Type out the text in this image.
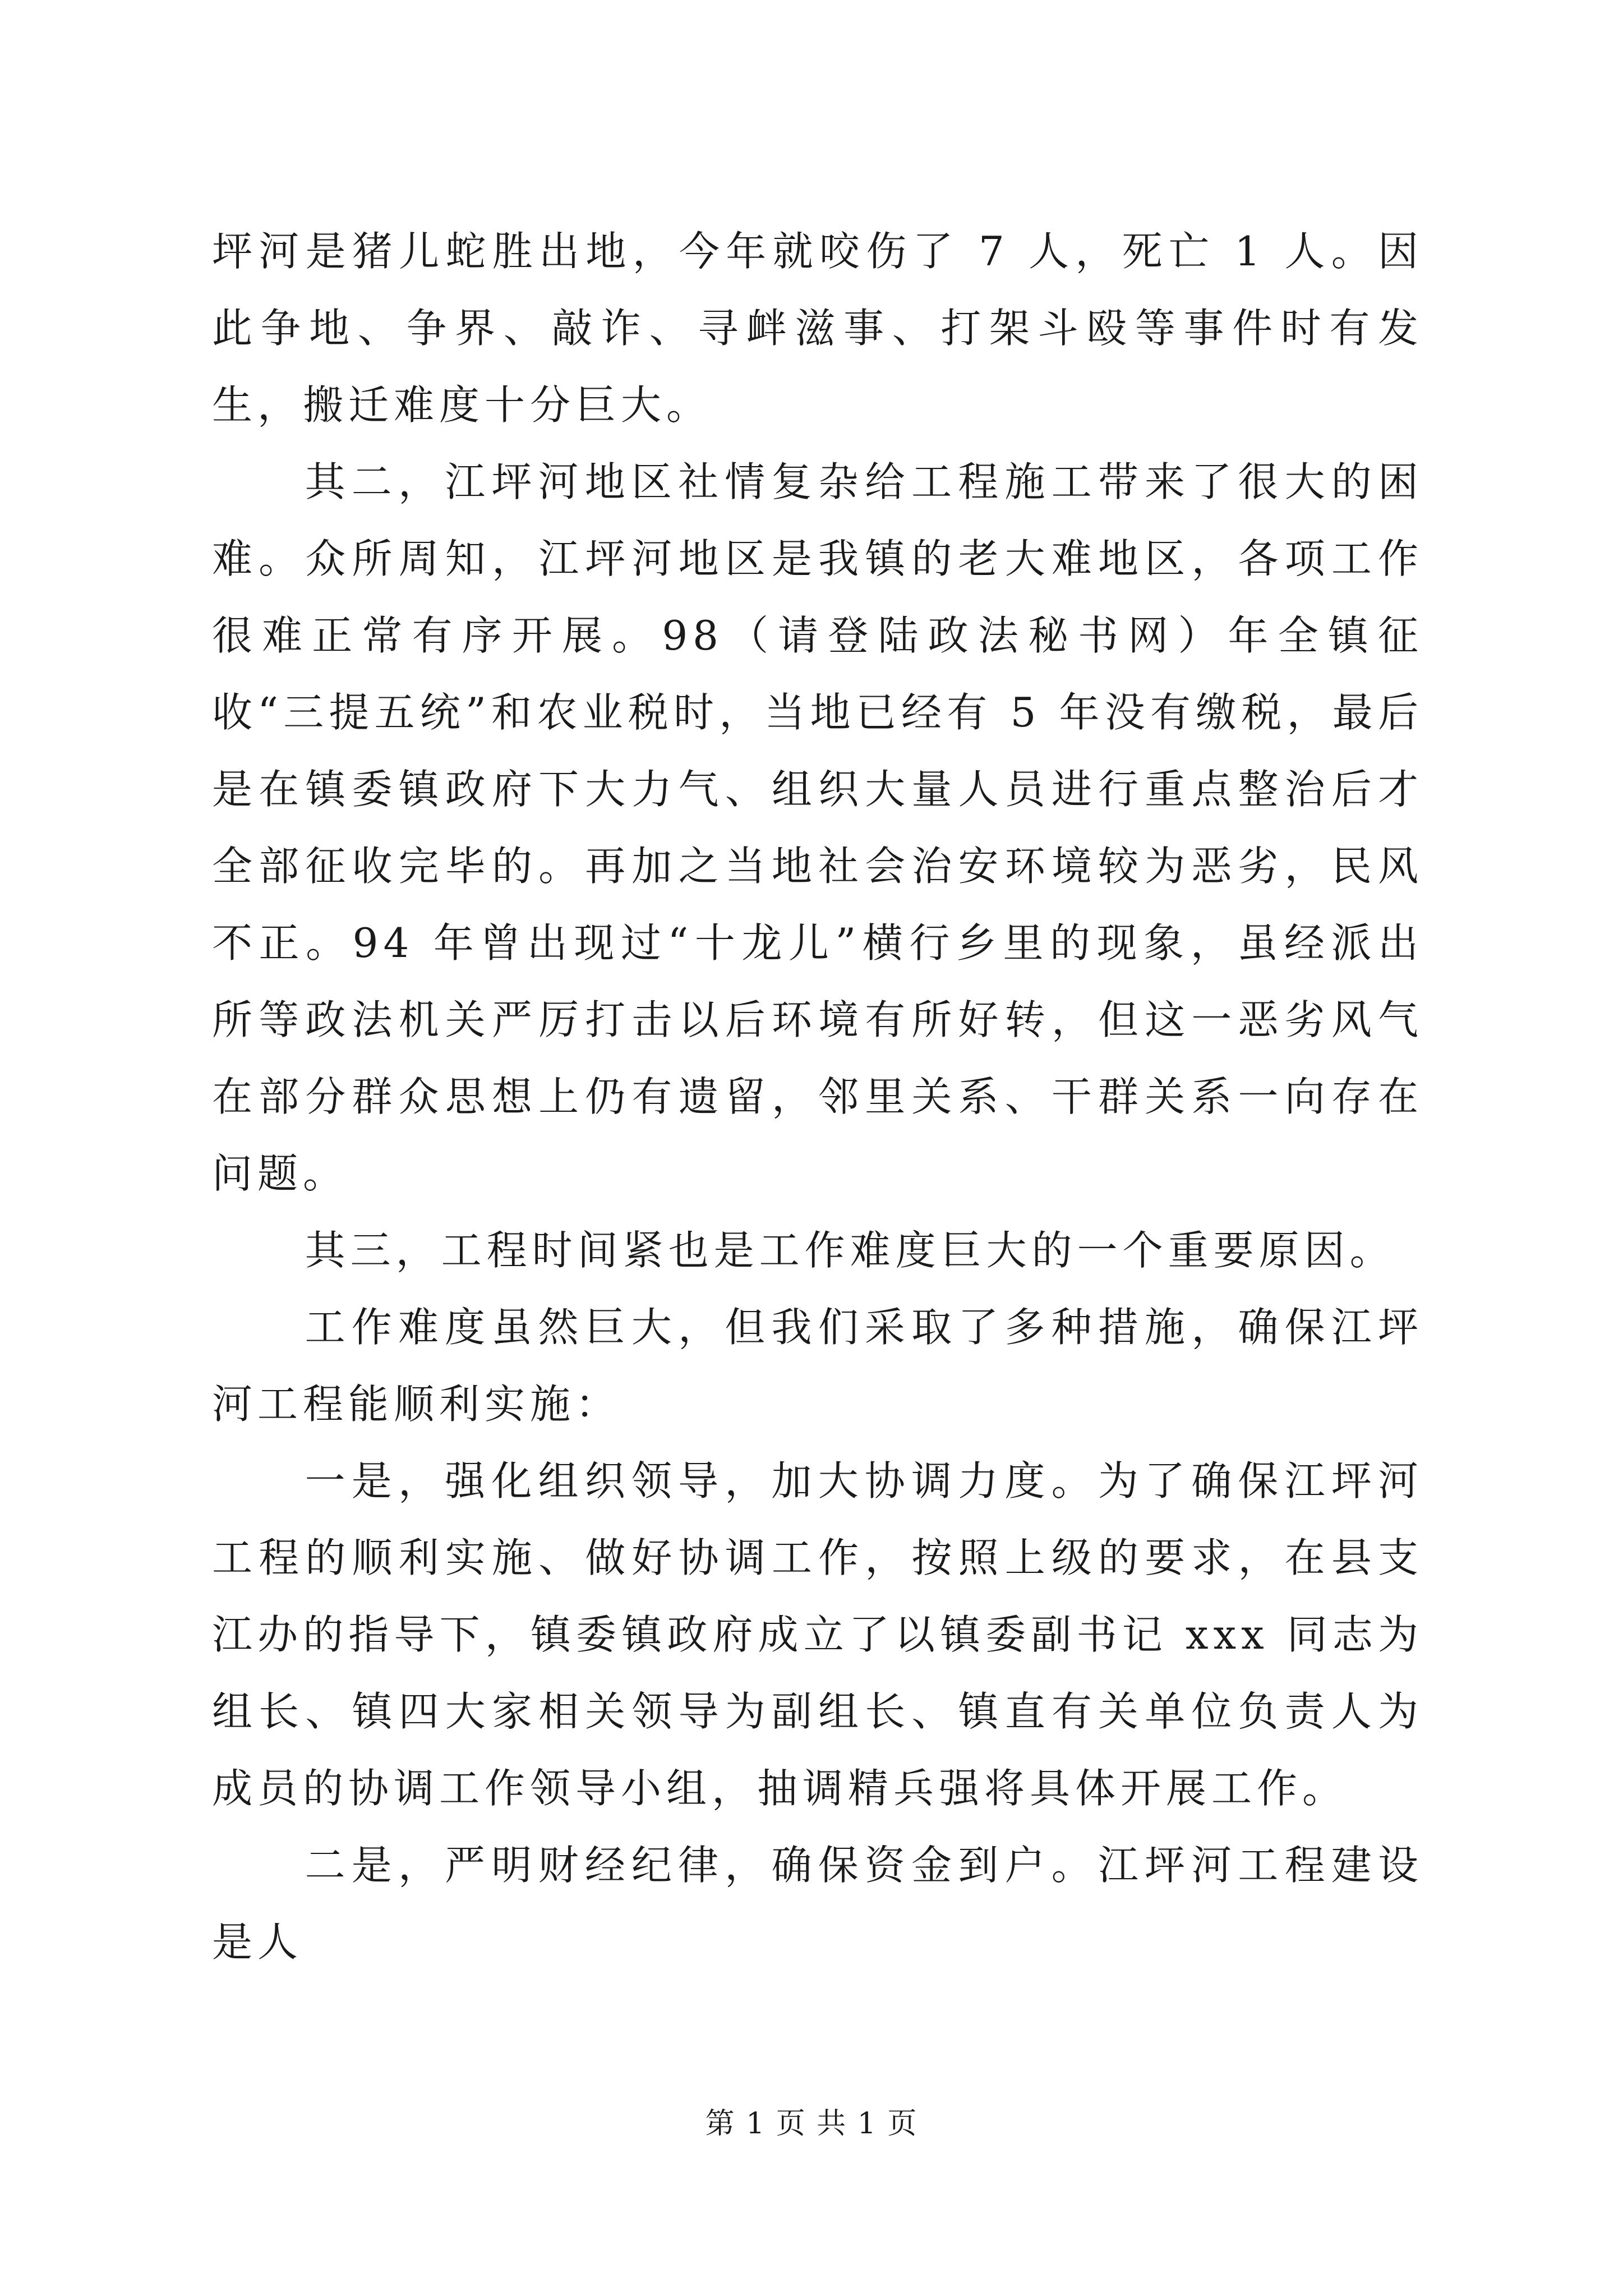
坪河是猪儿蛇胜出地，今年就咬伤了 7 人，死亡 1 人。因此争地、争界、敲诈、寻衅滋事、打架斗殴等事件时有发生，搬迁难度十分巨大。

其二，江坪河地区社情复杂给工程施工带来了很大的困难。众所周知，江坪河地区是我镇的老大难地区，各项工作很难正常有序开展。98（请登陆政法秘书网）年全镇征收“三提五统”和农业税时，当地已经有 5 年没有缴税，最后是在镇委镇政府下大力气、组织大量人员进行重点整治后才全部征收完毕的。再加之当地社会治安环境较为恶劣，民风不正。94 年曾出现过“十龙儿”横行乡里的现象，虽经派出所等政法机关严厉打击以后环境有所好转，但这一恶劣风气在部分群众思想上仍有遗留，邻里关系、干群关系一向存在问题。

其三，工程时间紧也是工作难度巨大的一个重要原因。

工作难度虽然巨大，但我们采取了多种措施，确保江坪河工程能顺利实施：

一是，强化组织领导，加大协调力度。为了确保江坪河工程的顺利实施、做好协调工作，按照上级的要求，在县支江办的指导下，镇委镇政府成立了以镇委副书记 xxx 同志为组长、镇四大家相关领导为副组长、镇直有关单位负责人为成员的协调工作领导小组，抽调精兵强将具体开展工作。

二是，严明财经纪律，确保资金到户。江坪河工程建设是人

第 1 页 共 1 页
